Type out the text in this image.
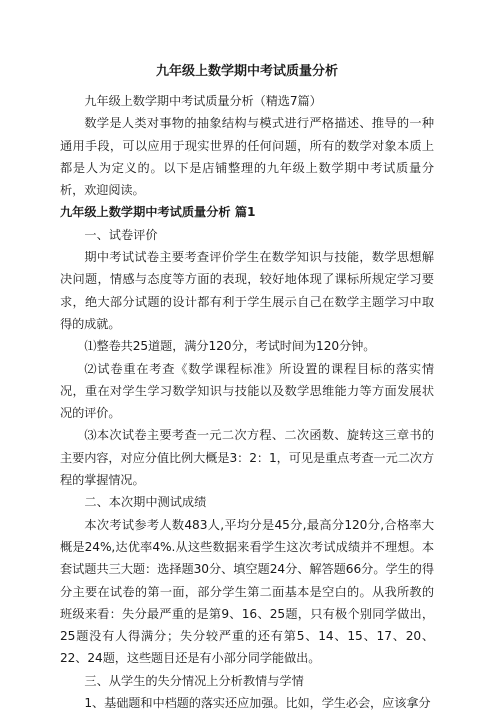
九年级上数学期中考试质量分析

九年级上数学期中考试质量分析（精选7篇）

数学是人类对事物的抽象结构与模式进行严格描述、推导的一种通用手段，可以应用于现实世界的任何问题，所有的数学对象本质上都是人为定义的。以下是店铺整理的九年级上数学期中考试质量分析，欢迎阅读。

九年级上数学期中考试质量分析 篇1

一、试卷评价

期中考试试卷主要考查评价学生在数学知识与技能，数学思想解决问题，情感与态度等方面的表现，较好地体现了课标所规定学习要求，绝大部分试题的设计都有利于学生展示自己在数学主题学习中取得的成就。

⑴整卷共25道题，满分120分，考试时间为120分钟。

⑵试卷重在考查《数学课程标准》所设置的课程目标的落实情况，重在对学生学习数学知识与技能以及数学思维能力等方面发展状况的评价。

⑶本次试卷主要考查一元二次方程、二次函数、旋转这三章书的主要内容，对应分值比例大概是3：2：1，可见是重点考查一元二次方程的掌握情况。

二、本次期中测试成绩

本次考试参考人数483人,平均分是45分,最高分120分,合格率大概是24%,达优率4%.从这些数据来看学生这次考试成绩并不理想。本套试题共三大题：选择题30分、填空题24分、解答题66分。学生的得分主要在试卷的第一面，部分学生第二面基本是空白的。从我所教的班级来看：失分最严重的是第9、16、25题，只有极个别同学做出，25题没有人得满分；失分较严重的还有第5、14、15、17、20、22、24题，这些题目还是有小部分同学能做出。

三、从学生的失分情况上分析教情与学情

1、基础题和中档题的落实还应加强。比如，学生必会，应该拿分
